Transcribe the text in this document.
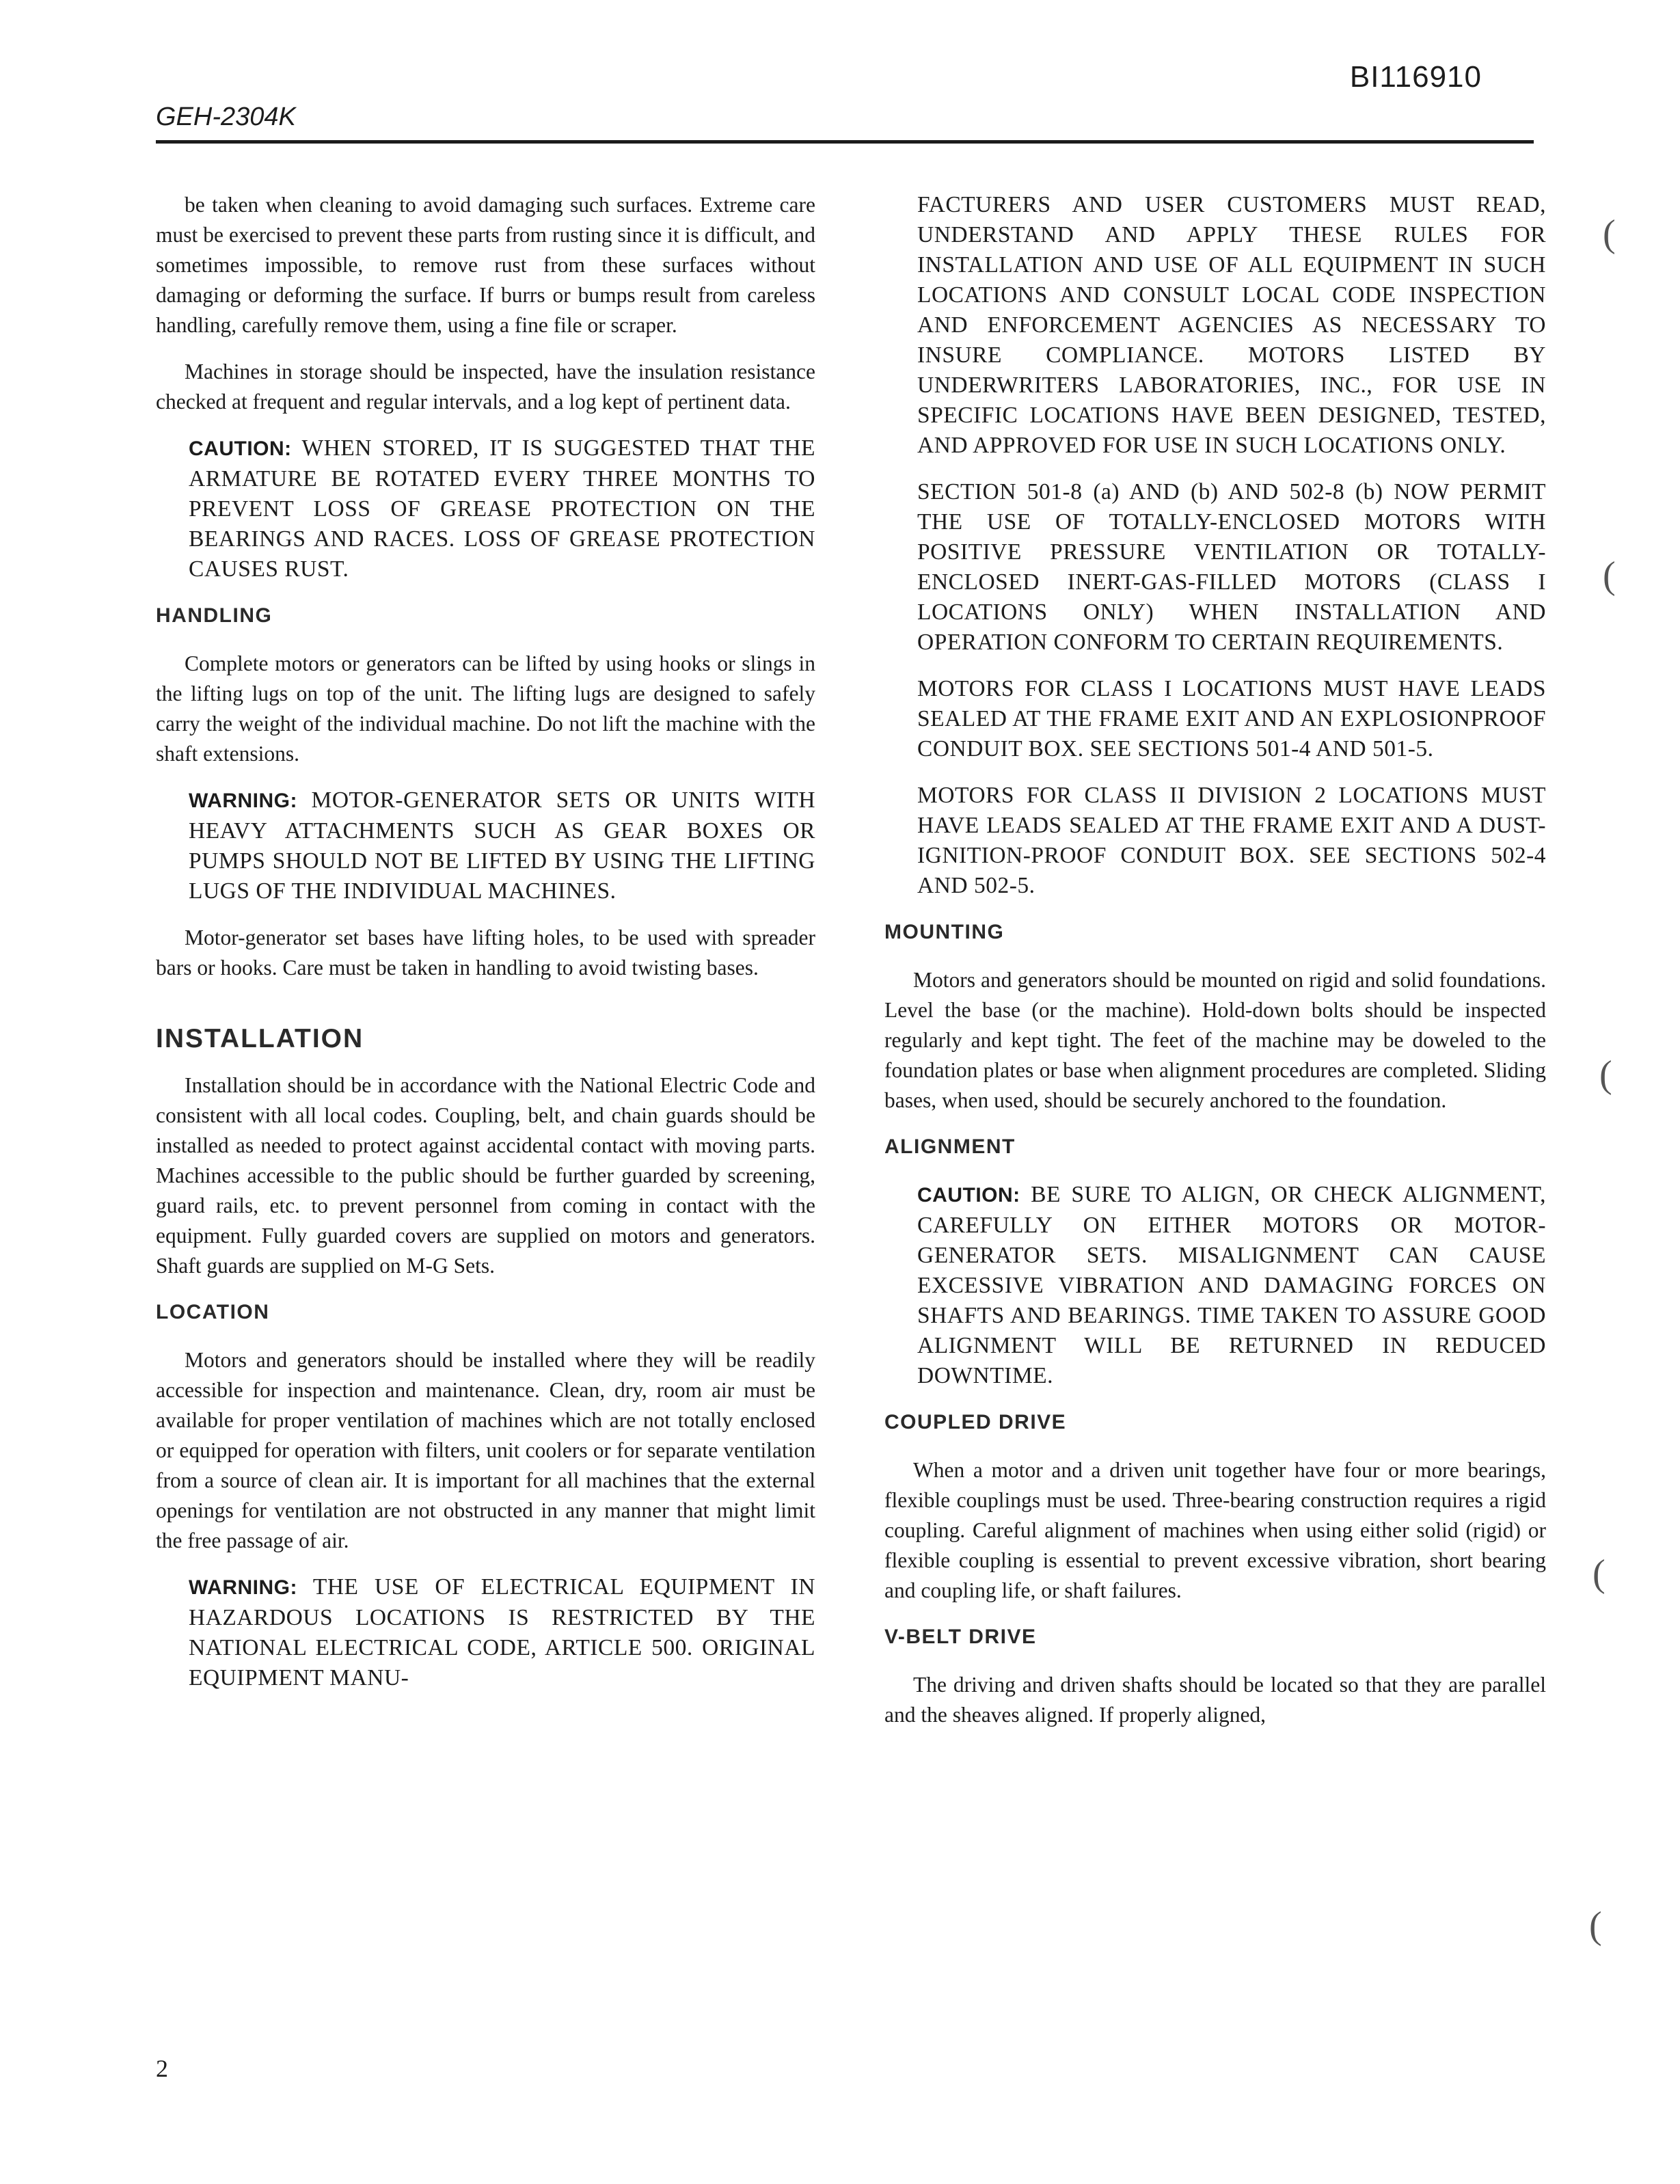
BI116910
GEH-2304K

be taken when cleaning to avoid damaging such surfaces. Extreme care must be exercised to prevent these parts from rusting since it is difficult, and sometimes impossible, to remove rust from these surfaces without damaging or deforming the surface. If burrs or bumps result from careless handling, carefully remove them, using a fine file or scraper.

Machines in storage should be inspected, have the insulation resistance checked at frequent and regular intervals, and a log kept of pertinent data.

CAUTION: WHEN STORED, IT IS SUGGESTED THAT THE ARMATURE BE ROTATED EVERY THREE MONTHS TO PREVENT LOSS OF GREASE PROTECTION ON THE BEARINGS AND RACES. LOSS OF GREASE PROTECTION CAUSES RUST.
HANDLING

Complete motors or generators can be lifted by using hooks or slings in the lifting lugs on top of the unit. The lifting lugs are designed to safely carry the weight of the individual machine. Do not lift the machine with the shaft extensions.

WARNING: MOTOR-GENERATOR SETS OR UNITS WITH HEAVY ATTACHMENTS SUCH AS GEAR BOXES OR PUMPS SHOULD NOT BE LIFTED BY USING THE LIFTING LUGS OF THE INDIVIDUAL MACHINES.

Motor-generator set bases have lifting holes, to be used with spreader bars or hooks. Care must be taken in handling to avoid twisting bases.

INSTALLATION

Installation should be in accordance with the National Electric Code and consistent with all local codes. Coupling, belt, and chain guards should be installed as needed to protect against accidental contact with moving parts. Machines accessible to the public should be further guarded by screening, guard rails, etc. to prevent personnel from coming in contact with the equipment. Fully guarded covers are supplied on motors and generators. Shaft guards are supplied on M-G Sets.

LOCATION

Motors and generators should be installed where they will be readily accessible for inspection and maintenance. Clean, dry, room air must be available for proper ventilation of machines which are not totally enclosed or equipped for operation with filters, unit coolers or for separate ventilation from a source of clean air. It is important for all machines that the external openings for ventilation are not obstructed in any manner that might limit the free passage of air.

WARNING: THE USE OF ELECTRICAL EQUIPMENT IN HAZARDOUS LOCATIONS IS RESTRICTED BY THE NATIONAL ELECTRICAL CODE, ARTICLE 500. ORIGINAL EQUIPMENT MANU-
FACTURERS AND USER CUSTOMERS MUST READ, UNDERSTAND AND APPLY THESE RULES FOR INSTALLATION AND USE OF ALL EQUIPMENT IN SUCH LOCATIONS AND CONSULT LOCAL CODE INSPECTION AND ENFORCEMENT AGENCIES AS NECESSARY TO INSURE COMPLIANCE. MOTORS LISTED BY UNDERWRITERS LABORATORIES, INC., FOR USE IN SPECIFIC LOCATIONS HAVE BEEN DESIGNED, TESTED, AND APPROVED FOR USE IN SUCH LOCATIONS ONLY.
SECTION 501-8 (a) AND (b) AND 502-8 (b) NOW PERMIT THE USE OF TOTALLY-ENCLOSED MOTORS WITH POSITIVE PRESSURE VENTILATION OR TOTALLY-ENCLOSED INERT-GAS-FILLED MOTORS (CLASS I LOCATIONS ONLY) WHEN INSTALLATION AND OPERATION CONFORM TO CERTAIN REQUIREMENTS.
MOTORS FOR CLASS I LOCATIONS MUST HAVE LEADS SEALED AT THE FRAME EXIT AND AN EXPLOSIONPROOF CONDUIT BOX. SEE SECTIONS 501-4 AND 501-5.
MOTORS FOR CLASS II DIVISION 2 LOCATIONS MUST HAVE LEADS SEALED AT THE FRAME EXIT AND A DUST-IGNITION-PROOF CONDUIT BOX. SEE SECTIONS 502-4 AND 502-5.
MOUNTING

Motors and generators should be mounted on rigid and solid foundations. Level the base (or the machine). Hold-down bolts should be inspected regularly and kept tight. The feet of the machine may be doweled to the foundation plates or base when alignment procedures are completed. Sliding bases, when used, should be securely anchored to the foundation.

ALIGNMENT
CAUTION: BE SURE TO ALIGN, OR CHECK ALIGNMENT, CAREFULLY ON EITHER MOTORS OR MOTOR-GENERATOR SETS. MISALIGNMENT CAN CAUSE EXCESSIVE VIBRATION AND DAMAGING FORCES ON SHAFTS AND BEARINGS. TIME TAKEN TO ASSURE GOOD ALIGNMENT WILL BE RETURNED IN REDUCED DOWNTIME.
COUPLED DRIVE

When a motor and a driven unit together have four or more bearings, flexible couplings must be used. Three-bearing construction requires a rigid coupling. Careful alignment of machines when using either solid (rigid) or flexible coupling is essential to prevent excessive vibration, short bearing and coupling life, or shaft failures.

V-BELT DRIVE

The driving and driven shafts should be located so that they are parallel and the sheaves aligned. If properly aligned,

2
(
(
(
(
(
